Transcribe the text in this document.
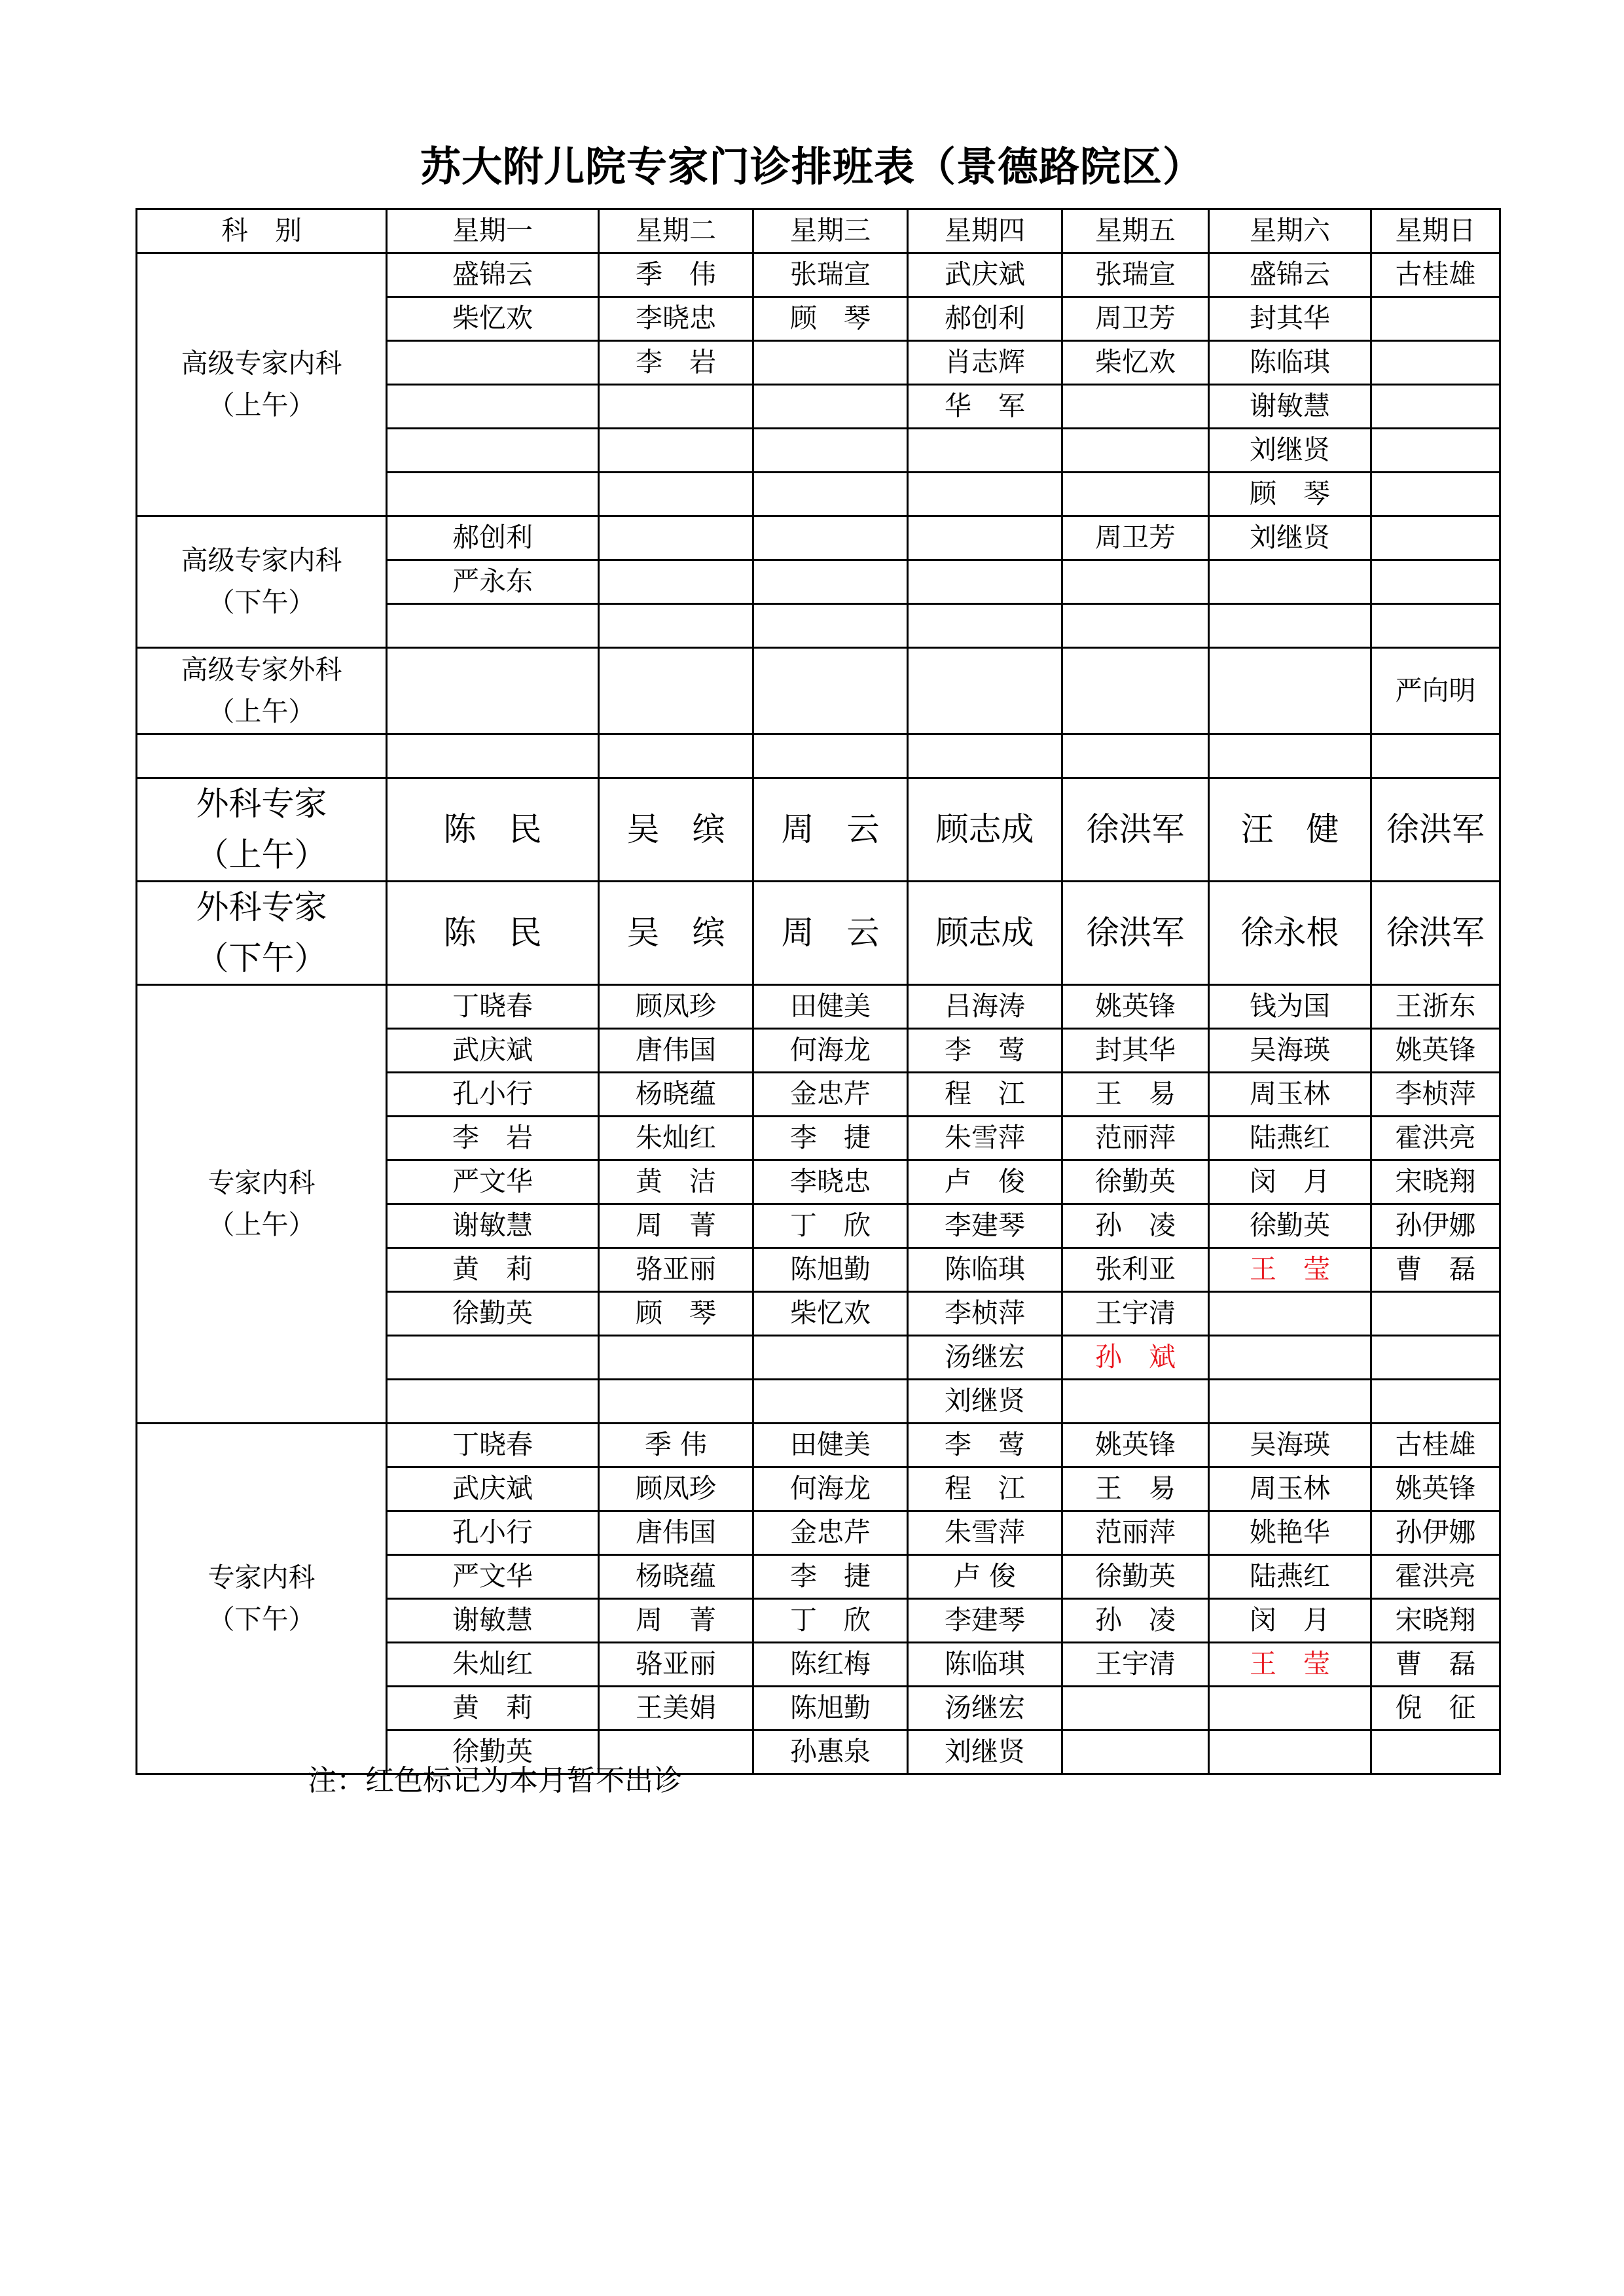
苏大附儿院专家门诊排班表（景德路院区）
科　别	星期一	星期二	星期三	星期四	星期五	星期六	星期日

高级专家内科
（上午）	盛锦云	季　伟	张瑞宣	武庆斌	张瑞宣	盛锦云	古桂雄
	柴忆欢	李晓忠	顾　琴	郝创利	周卫芳	封其华	
		李　岩		肖志辉	柴忆欢	陈临琪	
				华　军		谢敏慧	
						刘继贤	
						顾　琴	

高级专家内科
（下午）	郝创利				周卫芳	刘继贤	
	严永东						

高级专家外科
（上午）							严向明

外科专家
（上午）	陈　民	吴　缤	周　云	顾志成	徐洪军	汪　健	徐洪军

外科专家
（下午）	陈　民	吴　缤	周　云	顾志成	徐洪军	徐永根	徐洪军

专家内科
（上午）	丁晓春	顾凤珍	田健美	吕海涛	姚英锋	钱为国	王浙东
	武庆斌	唐伟国	何海龙	李　莺	封其华	吴海瑛	姚英锋
	孔小行	杨晓蕴	金忠芹	程　江	王　易	周玉林	李桢萍
	李　岩	朱灿红	李　捷	朱雪萍	范丽萍	陆燕红	霍洪亮
	严文华	黄　洁	李晓忠	卢　俊	徐勤英	闵　月	宋晓翔
	谢敏慧	周　菁	丁　欣	李建琴	孙　凌	徐勤英	孙伊娜
	黄　莉	骆亚丽	陈旭勤	陈临琪	张利亚	王　莹	曹　磊
	徐勤英	顾　琴	柴忆欢	李桢萍	王宇清		
				汤继宏	孙　斌		
				刘继贤			

专家内科
（下午）	丁晓春	季 伟	田健美	李　莺	姚英锋	吴海瑛	古桂雄
	武庆斌	顾凤珍	何海龙	程　江	王　易	周玉林	姚英锋
	孔小行	唐伟国	金忠芹	朱雪萍	范丽萍	姚艳华	孙伊娜
	严文华	杨晓蕴	李　捷	卢 俊	徐勤英	陆燕红	霍洪亮
	谢敏慧	周　菁	丁　欣	李建琴	孙　凌	闵　月	宋晓翔
	朱灿红	骆亚丽	陈红梅	陈临琪	王宇清	王　莹	曹　磊
	黄　莉	王美娟	陈旭勤	汤继宏			倪　征
	徐勤英		孙惠泉	刘继贤			
注：红色标记为本月暂不出诊
